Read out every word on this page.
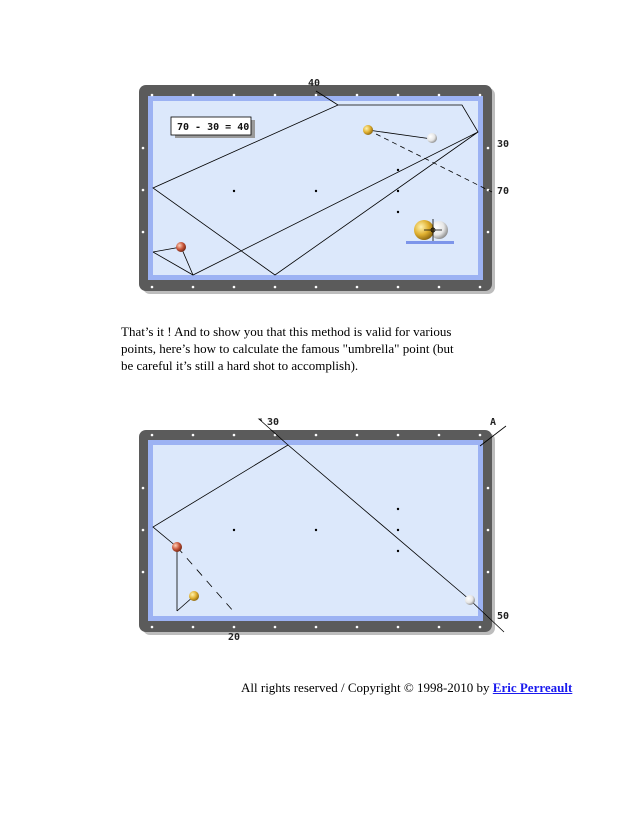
70 - 30 = 40
40
30
70

That’s it ! And to show you that this method is valid for various points, here’s how to calculate the famous "umbrella" point (but be careful it’s still a hard shot to accomplish).

30	A
50
20
All rights reserved / Copyright © 1998-2010 by Eric Perreault
